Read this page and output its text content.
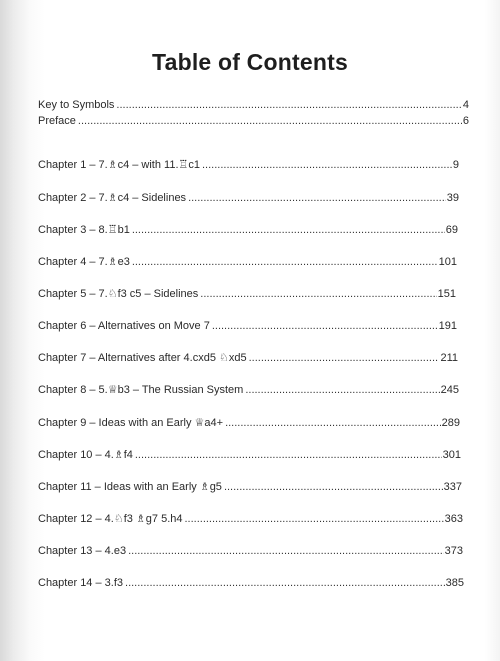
Table of Contents
Key to Symbols .....	4
Preface .....	6
Chapter 1 – 7.♗c4 – with 11.♖c1 .....	9
Chapter 2 – 7.♗c4 – Sidelines .....	39
Chapter 3 – 8.♖b1 .....	69
Chapter 4 – 7.♗e3 .....	101
Chapter 5 – 7.♘f3 c5 – Sidelines .....	151
Chapter 6 – Alternatives on Move 7 .....	191
Chapter 7 – Alternatives after 4.cxd5 ♘xd5 .....	211
Chapter 8 – 5.♕b3 – The Russian System .....	245
Chapter 9 – Ideas with an Early ♕a4+ .....	289
Chapter 10 – 4.♗f4 .....	301
Chapter 11 – Ideas with an Early ♗g5 .....	337
Chapter 12 – 4.♘f3 ♗g7 5.h4 .....	363
Chapter 13 – 4.e3 .....	373
Chapter 14 – 3.f3 .....	385
